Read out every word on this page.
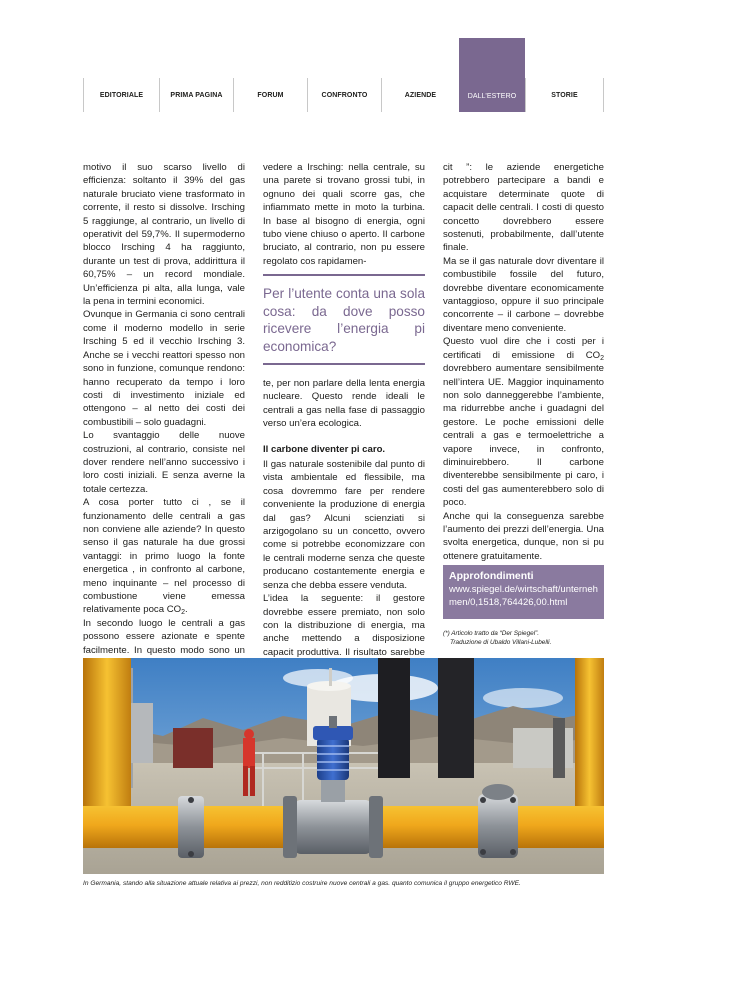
EDITORIALE	PRIMA PAGINA	FORUM	CONFRONTO	AZIENDE	DALL’ESTERO	STORIE

motivo il suo scarso livello di efficienza: soltanto il 39% del gas naturale bruciato viene trasformato in corrente, il resto si dissolve. Irsching 5 raggiunge, al contrario, un livello di operativit del 59,7%. Il supermoderno blocco Irsching 4 ha raggiunto, durante un test di prova, addirittura il 60,75% – un record mondiale. Un’efficienza pi alta, alla lunga, vale la pena in termini economici.

Ovunque in Germania ci sono centrali come il moderno modello in serie Irsching 5 ed il vecchio Irsching 3. Anche se i vecchi reattori spesso non sono in funzione, comunque rendono: hanno recuperato da tempo i loro costi di investimento iniziale ed ottengono – al netto dei costi dei combustibili – solo guadagni.

Lo svantaggio delle nuove costruzioni, al contrario, consiste nel dover rendere nell’anno successivo i loro costi iniziali. E senza averne la totale certezza.

A cosa porter tutto ci , se il funzionamento delle centrali a gas non conviene alle aziende? In questo senso il gas naturale ha due grossi vantaggi: in primo luogo la fonte energetica , in confronto al carbone, meno inquinante – nel processo di combustione viene emessa relativamente poca $CO_2$.

In secondo luogo le centrali a gas possono essere azionate e spente facilmente. In questo modo sono un

vedere a Irsching: nella centrale, su una parete si trovano grossi tubi, in ognuno dei quali scorre gas, che infiammato mette in moto la turbina. In base al bisogno di energia, ogni tubo viene chiuso o aperto. Il carbone bruciato, al contrario, non pu essere regolato cos rapidamen-

Per l’utente conta una sola cosa: da dove posso ricevere l’energia pi economica?

te, per non parlare della lenta energia nucleare. Questo rende ideali le centrali a gas nella fase di passaggio verso un’era ecologica.

Il carbone diventer pi caro.

Il gas naturale sostenibile dal punto di vista ambientale ed flessibile, ma cosa dovremmo fare per rendere conveniente la produzione di energia dal gas? Alcuni scienziati si arzigogolano su un concetto, ovvero come si potrebbe economizzare con le centrali moderne senza che queste producano costantemente energia e senza che debba essere venduta.

L’idea la seguente: il gestore dovrebbe essere premiato, non solo con la distribuzione di energia, ma anche mettendo a disposizione capacit produttiva. Il risultato sarebbe

cit ”: le aziende energetiche potrebbero partecipare a bandi e acquistare determinate quote di capacit delle centrali. I costi di questo concetto dovrebbero essere sostenuti, probabilmente, dall’utente finale.

Ma se il gas naturale dovr diventare il combustibile fossile del futuro, dovrebbe diventare economicamente vantaggioso, oppure il suo principale concorrente – il carbone – dovrebbe diventare meno conveniente.

Questo vuol dire che i costi per i certificati di emissione di $CO_2$ dovrebbero aumentare sensibilmente nell’intera UE. Maggior inquinamento non solo danneggerebbe l’ambiente, ma ridurrebbe anche i guadagni del gestore. Le poche emissioni delle centrali a gas e termoelettriche a vapore invece, in confronto, diminuirebbero. Il carbone diventerebbe sensibilmente pi caro, i costi del gas aumenterebbero solo di poco.

Anche qui la conseguenza sarebbe l’aumento dei prezzi dell’energia. Una svolta energetica, dunque, non si pu ottenere gratuitamente.

Approfondimenti
www.spiegel.de/wirtschaft/unternehmen/0,1518,764426,00.html
(*) Articolo tratto da “Der Spiegel”.
Traduzione di Ubaldo Villani-Lubelli.
In Germania, stando alla situazione attuale relativa ai prezzi, non redditizio costruire nuove centrali a gas. quanto comunica il gruppo energetico RWE.
